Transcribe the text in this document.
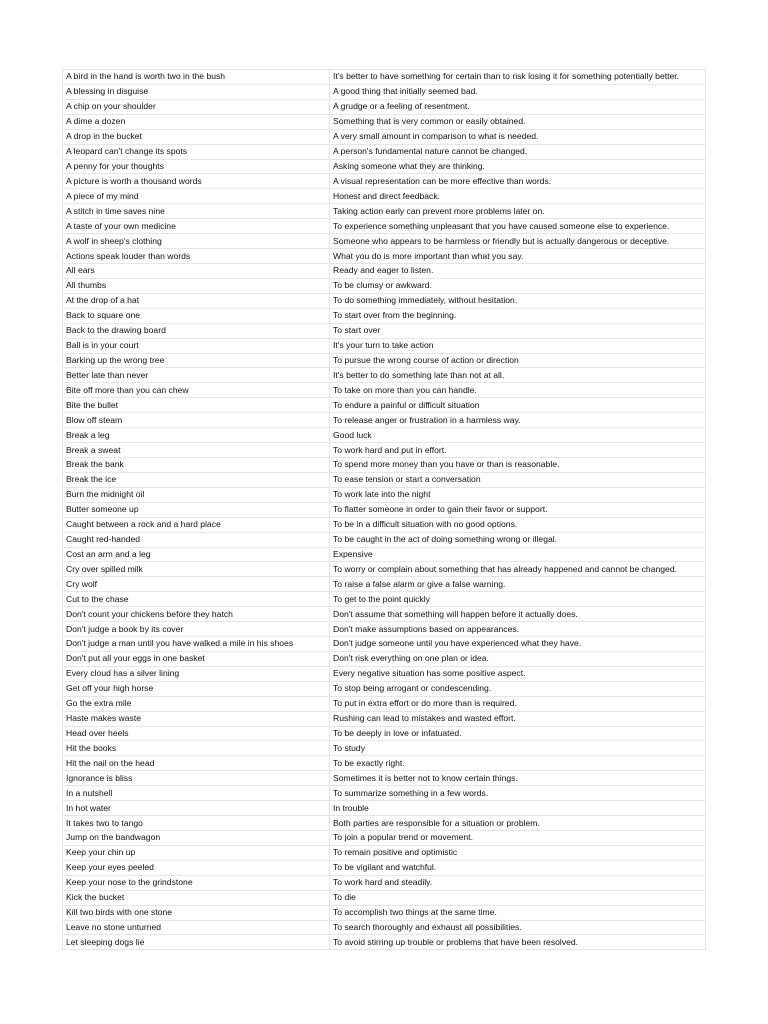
A bird in the hand is worth two in the bush	It's better to have something for certain than to risk losing it for something potentially better.
A blessing in disguise	A good thing that initially seemed bad.
A chip on your shoulder	A grudge or a feeling of resentment.
A dime a dozen	Something that is very common or easily obtained.
A drop in the bucket	A very small amount in comparison to what is needed.
A leopard can't change its spots	A person's fundamental nature cannot be changed.
A penny for your thoughts	Asking someone what they are thinking.
A picture is worth a thousand words	A visual representation can be more effective than words.
A piece of my mind	Honest and direct feedback.
A stitch in time saves nine	Taking action early can prevent more problems later on.
A taste of your own medicine	To experience something unpleasant that you have caused someone else to experience.
A wolf in sheep's clothing	Someone who appears to be harmless or friendly but is actually dangerous or deceptive.
Actions speak louder than words	What you do is more important than what you say.
All ears	Ready and eager to listen.
All thumbs	To be clumsy or awkward.
At the drop of a hat	To do something immediately, without hesitation.
Back to square one	To start over from the beginning.
Back to the drawing board	To start over
Ball is in your court	It's your turn to take action
Barking up the wrong tree	To pursue the wrong course of action or direction
Better late than never	It's better to do something late than not at all.
Bite off more than you can chew	To take on more than you can handle.
Bite the bullet	To endure a painful or difficult situation
Blow off steam	To release anger or frustration in a harmless way.
Break a leg	Good luck
Break a sweat	To work hard and put in effort.
Break the bank	To spend more money than you have or than is reasonable.
Break the ice	To ease tension or start a conversation
Burn the midnight oil	To work late into the night
Butter someone up	To flatter someone in order to gain their favor or support.
Caught between a rock and a hard place	To be in a difficult situation with no good options.
Caught red-handed	To be caught in the act of doing something wrong or illegal.
Cost an arm and a leg	Expensive
Cry over spilled milk	To worry or complain about something that has already happened and cannot be changed.
Cry wolf	To raise a false alarm or give a false warning.
Cut to the chase	To get to the point quickly
Don't count your chickens before they hatch	Don't assume that something will happen before it actually does.
Don't judge a book by its cover	Don't make assumptions based on appearances.
Don't judge a man until you have walked a mile in his shoes	Don't judge someone until you have experienced what they have.
Don't put all your eggs in one basket	Don't risk everything on one plan or idea.
Every cloud has a silver lining	Every negative situation has some positive aspect.
Get off your high horse	To stop being arrogant or condescending.
Go the extra mile	To put in extra effort or do more than is required.
Haste makes waste	Rushing can lead to mistakes and wasted effort.
Head over heels	To be deeply in love or infatuated.
Hit the books	To study
Hit the nail on the head	To be exactly right.
Ignorance is bliss	Sometimes it is better not to know certain things.
In a nutshell	To summarize something in a few words.
In hot water	In trouble
It takes two to tango	Both parties are responsible for a situation or problem.
Jump on the bandwagon	To join a popular trend or movement.
Keep your chin up	To remain positive and optimistic
Keep your eyes peeled	To be vigilant and watchful.
Keep your nose to the grindstone	To work hard and steadily.
Kick the bucket	To die
Kill two birds with one stone	To accomplish two things at the same time.
Leave no stone unturned	To search thoroughly and exhaust all possibilities.
Let sleeping dogs lie	To avoid stirring up trouble or problems that have been resolved.
